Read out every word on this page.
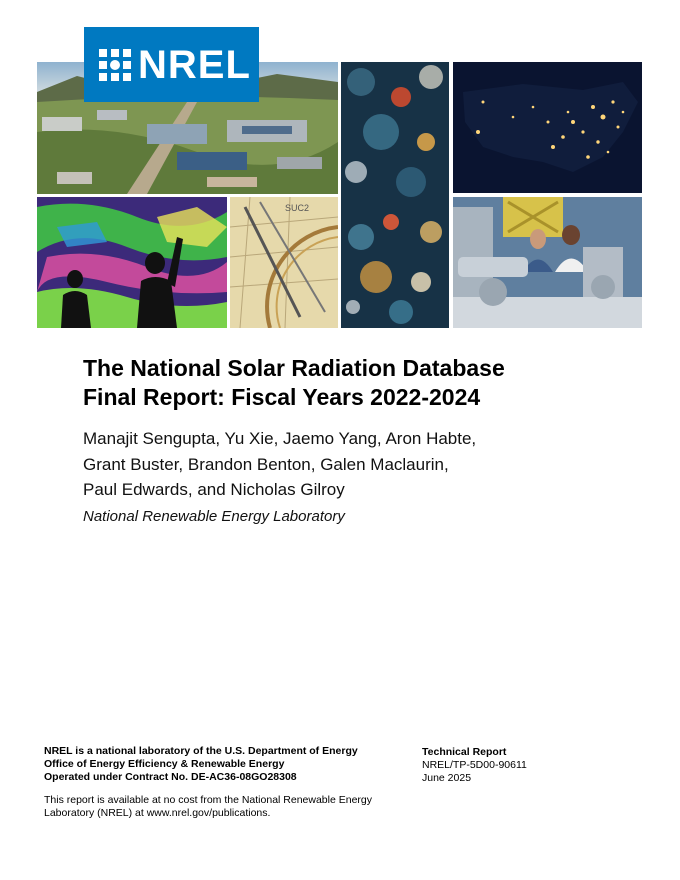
SUC2
NREL
The National Solar Radiation Database
Final Report: Fiscal Years 2022-2024

Manajit Sengupta, Yu Xie, Jaemo Yang, Aron Habte,
Grant Buster, Brandon Benton, Galen Maclaurin,
Paul Edwards, and Nicholas Gilroy

National Renewable Energy Laboratory

NREL is a national laboratory of the U.S. Department of Energy
Office of Energy Efficiency & Renewable Energy
Operated under Contract No. DE-AC36-08GO28308
Technical Report
NREL/TP-5D00-90611
June 2025
This report is available at no cost from the National Renewable Energy
Laboratory (NREL) at www.nrel.gov/publications.
